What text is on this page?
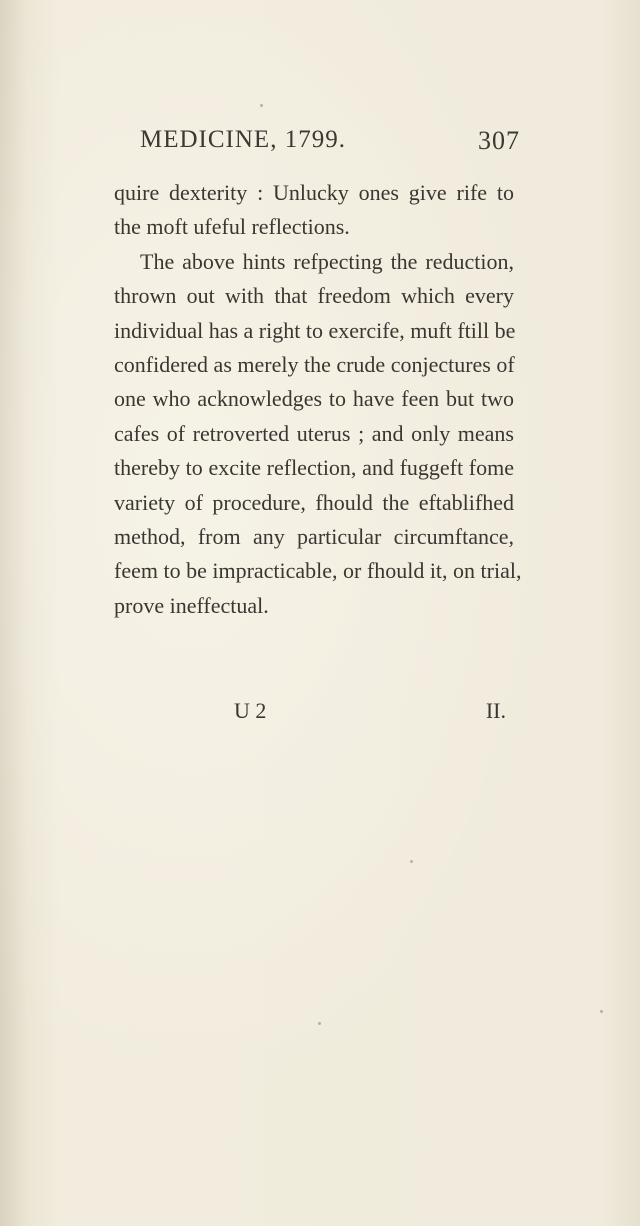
MEDICINE, 1799.	307
quire dexterity : Unlucky ones give rife to
the moft ufeful reflections.
The above hints refpecting the reduction,
thrown out with that freedom which every
individual has a right to exercife, muft ftill be
confidered as merely the crude conjectures of
one who acknowledges to have feen but two
cafes of retroverted uterus ; and only means
thereby to excite reflection, and fuggeft fome
variety of procedure, fhould the eftablifhed
method, from any particular circumftance,
feem to be impracticable, or fhould it, on trial,
prove ineffectual.
U 2	II.
